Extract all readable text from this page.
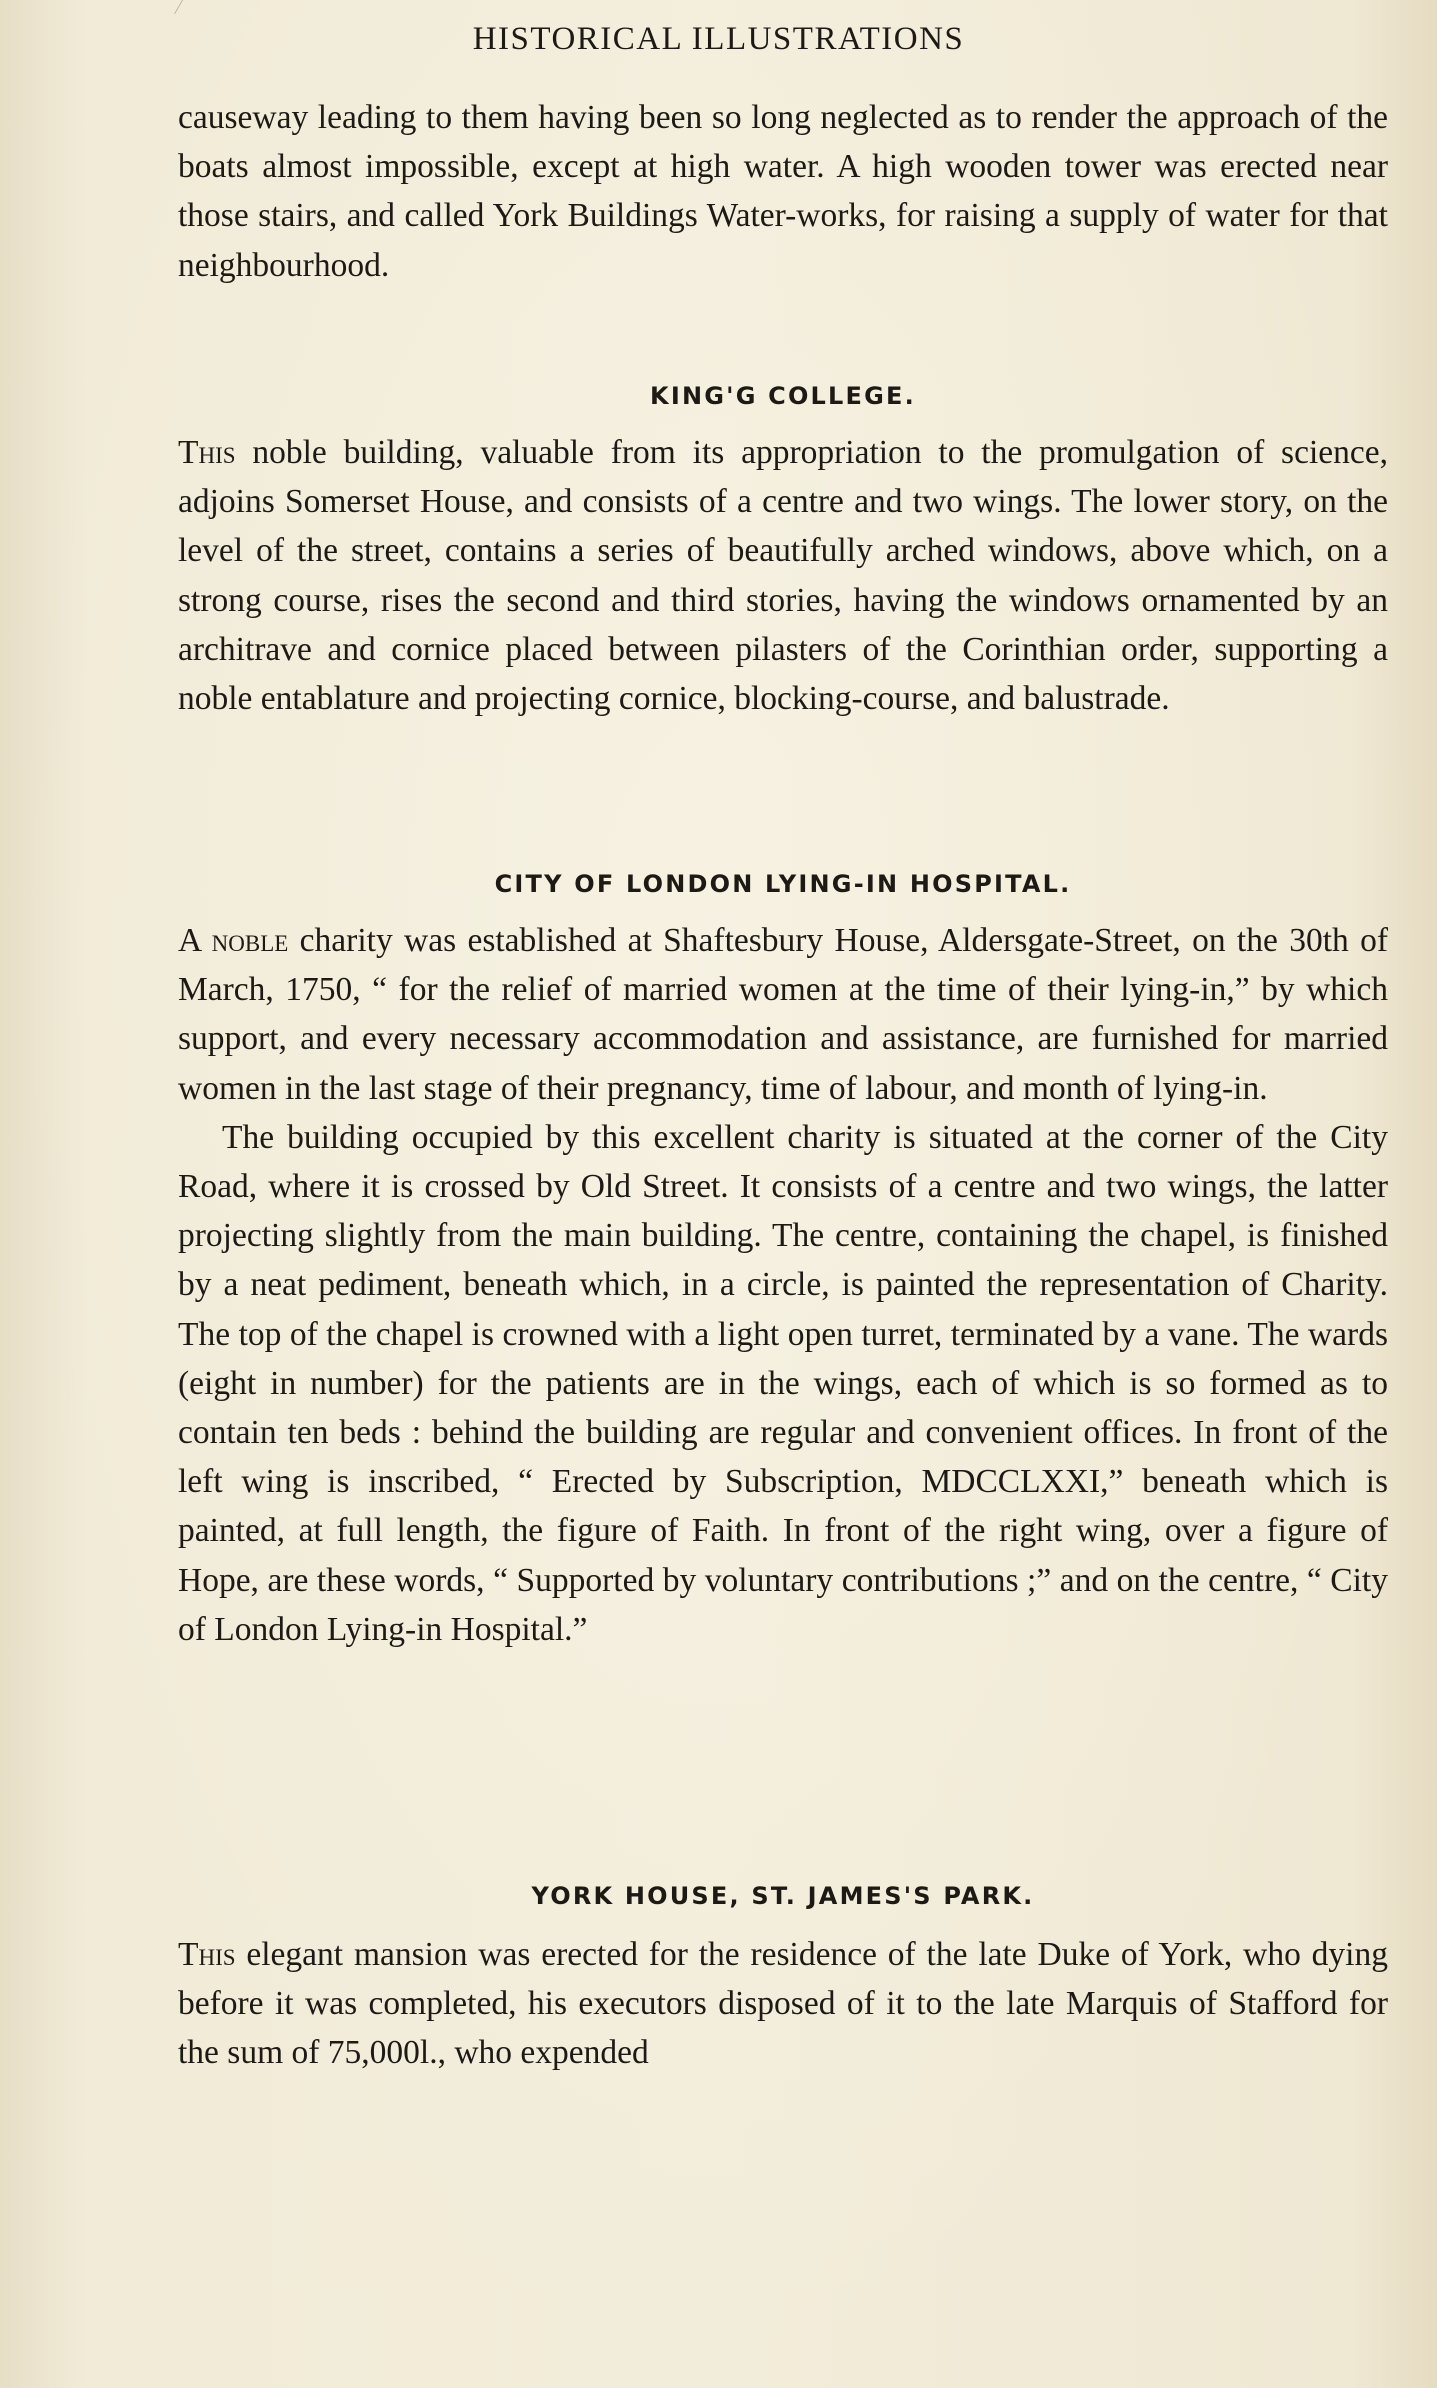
HISTORICAL ILLUSTRATIONS

causeway leading to them having been so long neglected as to render the approach of the boats almost impossible, except at high water. A high wooden tower was erected near those stairs, and called York Buildings Water-works, for raising a supply of water for that neighbourhood.

KING'G COLLEGE.

This noble building, valuable from its appropriation to the promulgation of science, adjoins Somerset House, and consists of a centre and two wings. The lower story, on the level of the street, contains a series of beautifully arched windows, above which, on a strong course, rises the second and third stories, having the windows ornamented by an architrave and cornice placed between pilasters of the Corinthian order, supporting a noble entablature and projecting cornice, blocking-course, and balustrade.

CITY OF LONDON LYING-IN HOSPITAL.

A noble charity was established at Shaftesbury House, Aldersgate-Street, on the 30th of March, 1750, “ for the relief of married women at the time of their lying-in,” by which support, and every necessary accommodation and assistance, are furnished for married women in the last stage of their pregnancy, time of labour, and month of lying-in.

The building occupied by this excellent charity is situated at the corner of the City Road, where it is crossed by Old Street. It consists of a centre and two wings, the latter projecting slightly from the main building. The centre, containing the chapel, is finished by a neat pediment, beneath which, in a circle, is painted the representation of Charity. The top of the chapel is crowned with a light open turret, terminated by a vane. The wards (eight in number) for the patients are in the wings, each of which is so formed as to contain ten beds : behind the building are regular and convenient offices. In front of the left wing is inscribed, “ Erected by Subscription, MDCCLXXI,” beneath which is painted, at full length, the figure of Faith. In front of the right wing, over a figure of Hope, are these words, “ Supported by voluntary contributions ;” and on the centre, “ City of London Lying-in Hospital.”

YORK HOUSE, ST. JAMES'S PARK.

This elegant mansion was erected for the residence of the late Duke of York, who dying before it was completed, his executors disposed of it to the late Marquis of Stafford for the sum of 75,000l., who expended
